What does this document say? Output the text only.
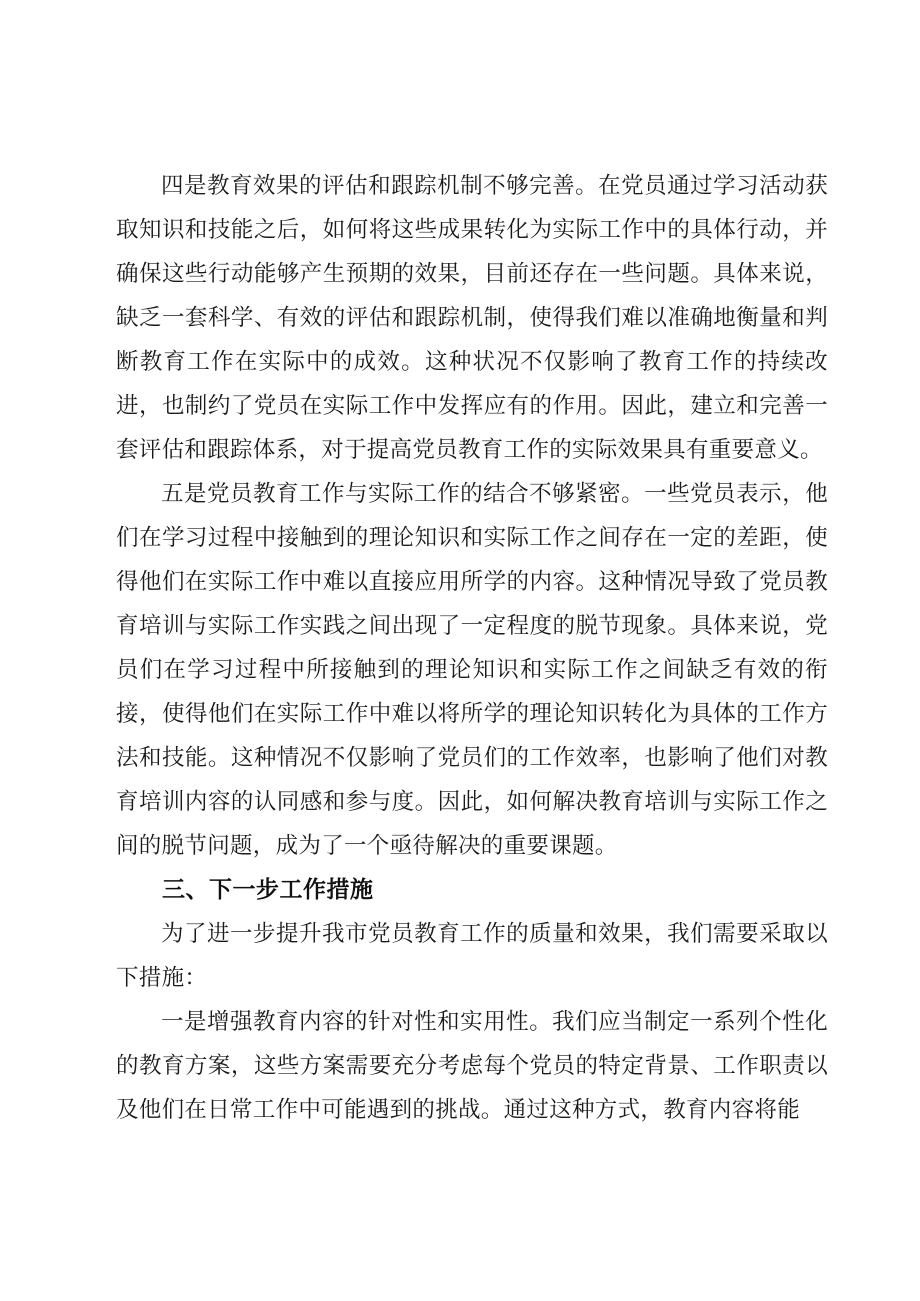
四是教育效果的评估和跟踪机制不够完善。在党员通过学习活动获取知识和技能之后，如何将这些成果转化为实际工作中的具体行动，并确保这些行动能够产生预期的效果，目前还存在一些问题。具体来说，缺乏一套科学、有效的评估和跟踪机制，使得我们难以准确地衡量和判断教育工作在实际中的成效。这种状况不仅影响了教育工作的持续改进，也制约了党员在实际工作中发挥应有的作用。因此，建立和完善一套评估和跟踪体系，对于提高党员教育工作的实际效果具有重要意义。

五是党员教育工作与实际工作的结合不够紧密。一些党员表示，他们在学习过程中接触到的理论知识和实际工作之间存在一定的差距，使得他们在实际工作中难以直接应用所学的内容。这种情况导致了党员教育培训与实际工作实践之间出现了一定程度的脱节现象。具体来说，党员们在学习过程中所接触到的理论知识和实际工作之间缺乏有效的衔接，使得他们在实际工作中难以将所学的理论知识转化为具体的工作方法和技能。这种情况不仅影响了党员们的工作效率，也影响了他们对教育培训内容的认同感和参与度。因此，如何解决教育培训与实际工作之间的脱节问题，成为了一个亟待解决的重要课题。

三、下一步工作措施

为了进一步提升我市党员教育工作的质量和效果，我们需要采取以下措施：

一是增强教育内容的针对性和实用性。我们应当制定一系列个性化的教育方案，这些方案需要充分考虑每个党员的特定背景、工作职责以及他们在日常工作中可能遇到的挑战。通过这种方式，教育内容将能
